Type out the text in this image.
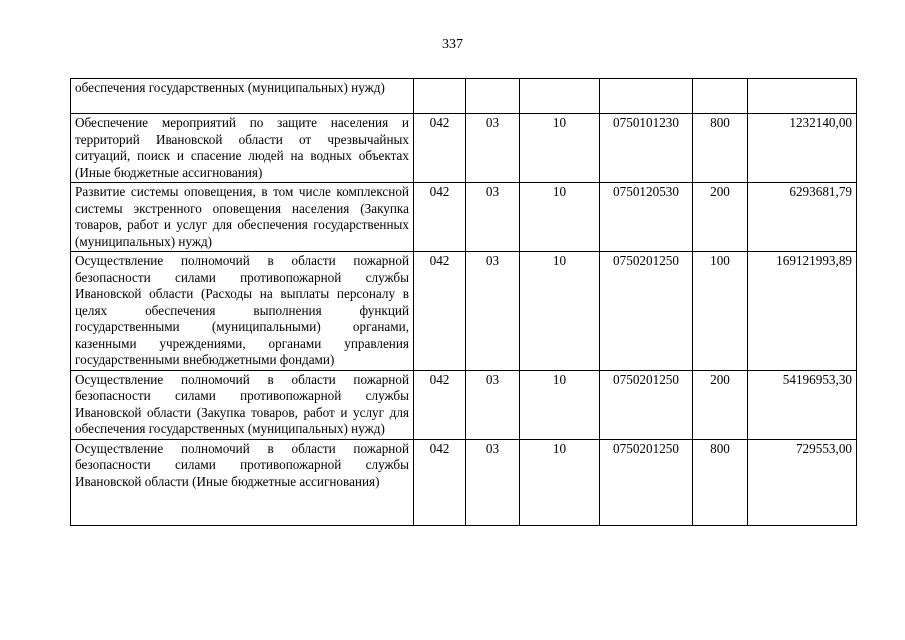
337
обеспечения государственных (муниципальных) нужд)						
Обеспечение мероприятий по защите населения и территорий Ивановской области от чрезвычайных ситуаций, поиск и спасение людей на водных объектах (Иные бюджетные ассигнования)	042	03	10	0750101230	800	1232140,00
Развитие системы оповещения, в том числе комплексной системы экстренного оповещения населения (Закупка товаров, работ и услуг для обеспечения государственных (муниципальных) нужд)	042	03	10	0750120530	200	6293681,79
Осуществление полномочий в области пожарной безопасности силами противопожарной службы Ивановской области (Расходы на выплаты персоналу в целях обеспечения выполнения функций государственными (муниципальными) органами, казенными учреждениями, органами управления государственными внебюджетными фондами)	042	03	10	0750201250	100	169121993,89
Осуществление полномочий в области пожарной безопасности силами противопожарной службы Ивановской области (Закупка товаров, работ и услуг для обеспечения государственных (муниципальных) нужд)	042	03	10	0750201250	200	54196953,30
Осуществление полномочий в области пожарной безопасности силами противопожарной службы Ивановской области (Иные бюджетные ассигнования)	042	03	10	0750201250	800	729553,00
